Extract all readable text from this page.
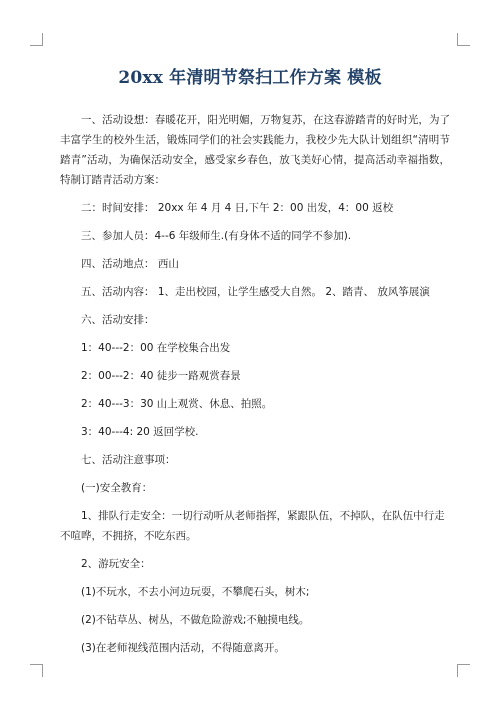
20xx 年清明节祭扫工作方案 模板

一、活动设想：春暖花开，阳光明媚，万物复苏，在这春游踏青的好时光，为了丰富学生的校外生活，锻炼同学们的社会实践能力，我校少先大队计划组织“清明节踏青”活动，为确保活动安全，感受家乡春色，放飞美好心情，提高活动幸福指数，特制订踏青活动方案：

二：时间安排： 20xx 年 4 月 4 日,下午 2：00 出发，4：00 返校

三、参加人员：4--6 年级师生.(有身体不适的同学不参加).

四、活动地点： 西山

五、活动内容： 1、走出校园，让学生感受大自然。 2、踏青、 放风筝展演

六、活动安排：

1：40---2：00 在学校集合出发

2：00---2：40 徒步一路观赏春景

2：40---3：30 山上观赏、休息、拍照。

3：40---4: 20 返回学校.

七、活动注意事项：

(一)安全教育：

1、排队行走安全：一切行动听从老师指挥，紧跟队伍，不掉队，在队伍中行走不喧哗，不拥挤，不吃东西。

2、游玩安全：

(1)不玩水，不去小河边玩耍，不攀爬石头，树木;

(2)不钻草丛、树丛，不做危险游戏;不触摸电线。

(3)在老师视线范围内活动，不得随意离开。
